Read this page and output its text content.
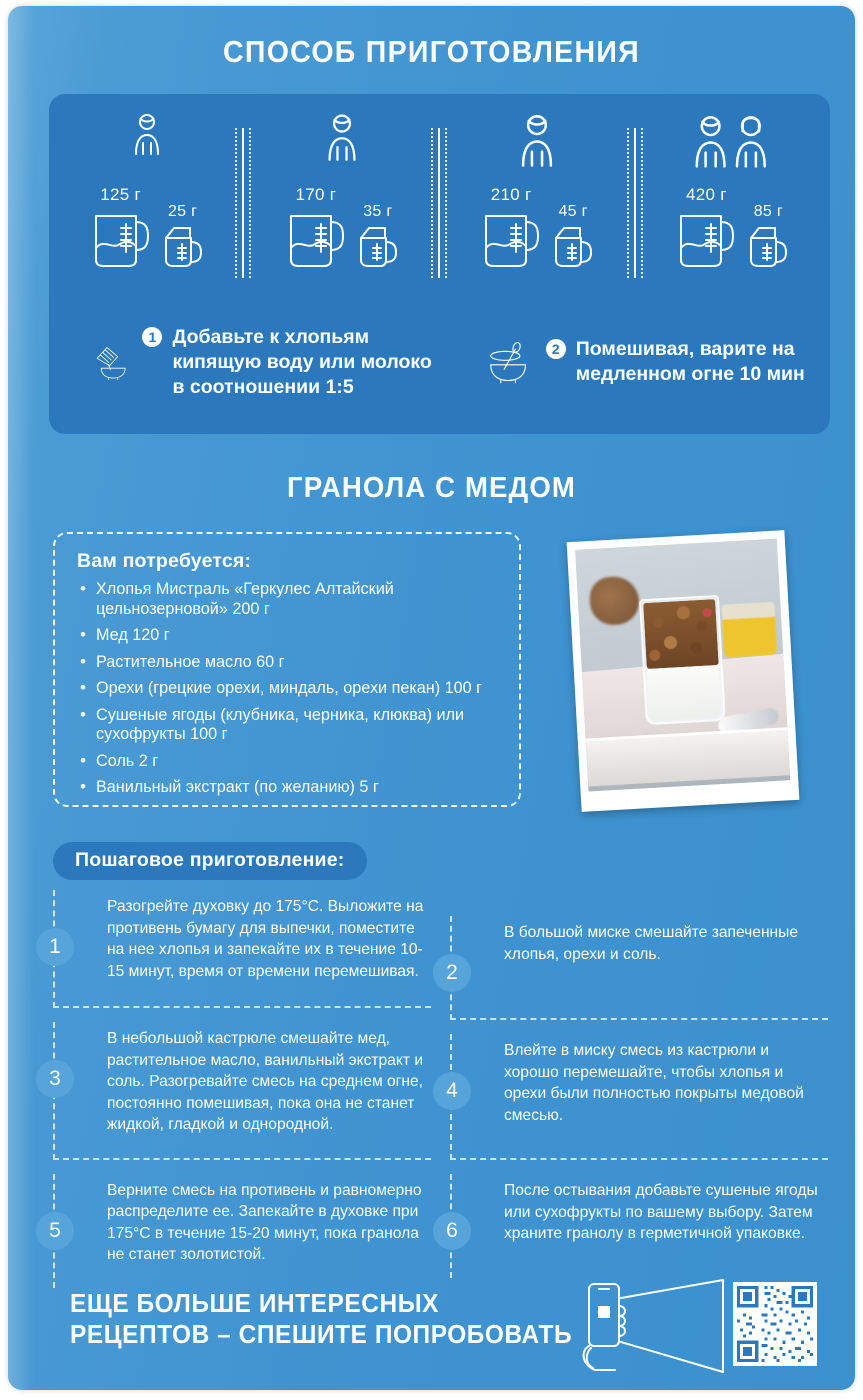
СПОСОБ ПРИГОТОВЛЕНИЯ
125 г
25 г
170 г
35 г
210 г
45 г
420 г
85 г
1 Добавьте к хлопьям кипящую воду или молоко в соотношении 1:5
2 Помешивая, варите на медленном огне 10 мин
ГРАНОЛА С МЕДОМ
Вам потребуется:
• Хлопья Мистраль «Геркулес Алтайский цельнозерновой» 200 г
• Мед 120 г
• Растительное масло 60 г
• Орехи (грецкие орехи, миндаль, орехи пекан) 100 г
• Сушеные ягоды (клубника, черника, клюква) или сухофрукты 100 г
• Соль 2 г
• Ванильный экстракт (по желанию) 5 г
Пошаговое приготовление:
1
Разогрейте духовку до 175°C. Выложите на противень бумагу для выпечки, поместите на нее хлопья и запекайте их в течение 10-15 минут, время от времени перемешивая.
3
В небольшой кастрюле смешайте мед, растительное масло, ванильный экстракт и соль. Разогревайте смесь на среднем огне, постоянно помешивая, пока она не станет жидкой, гладкой и однородной.
5
Верните смесь на противень и равномерно распределите ее. Запекайте в духовке при 175°C в течение 15-20 минут, пока гранола не станет золотистой.
2
В большой миске смешайте запеченные хлопья, орехи и соль.
4
Влейте в миску смесь из кастрюли и хорошо перемешайте, чтобы хлопья и орехи были полностью покрыты медовой смесью.
6
После остывания добавьте сушеные ягоды или сухофрукты по вашему выбору. Затем храните гранолу в герметичной упаковке.
ЕЩЕ БОЛЬШЕ ИНТЕРЕСНЫХ
РЕЦЕПТОВ – СПЕШИТЕ ПОПРОБОВАТЬ
